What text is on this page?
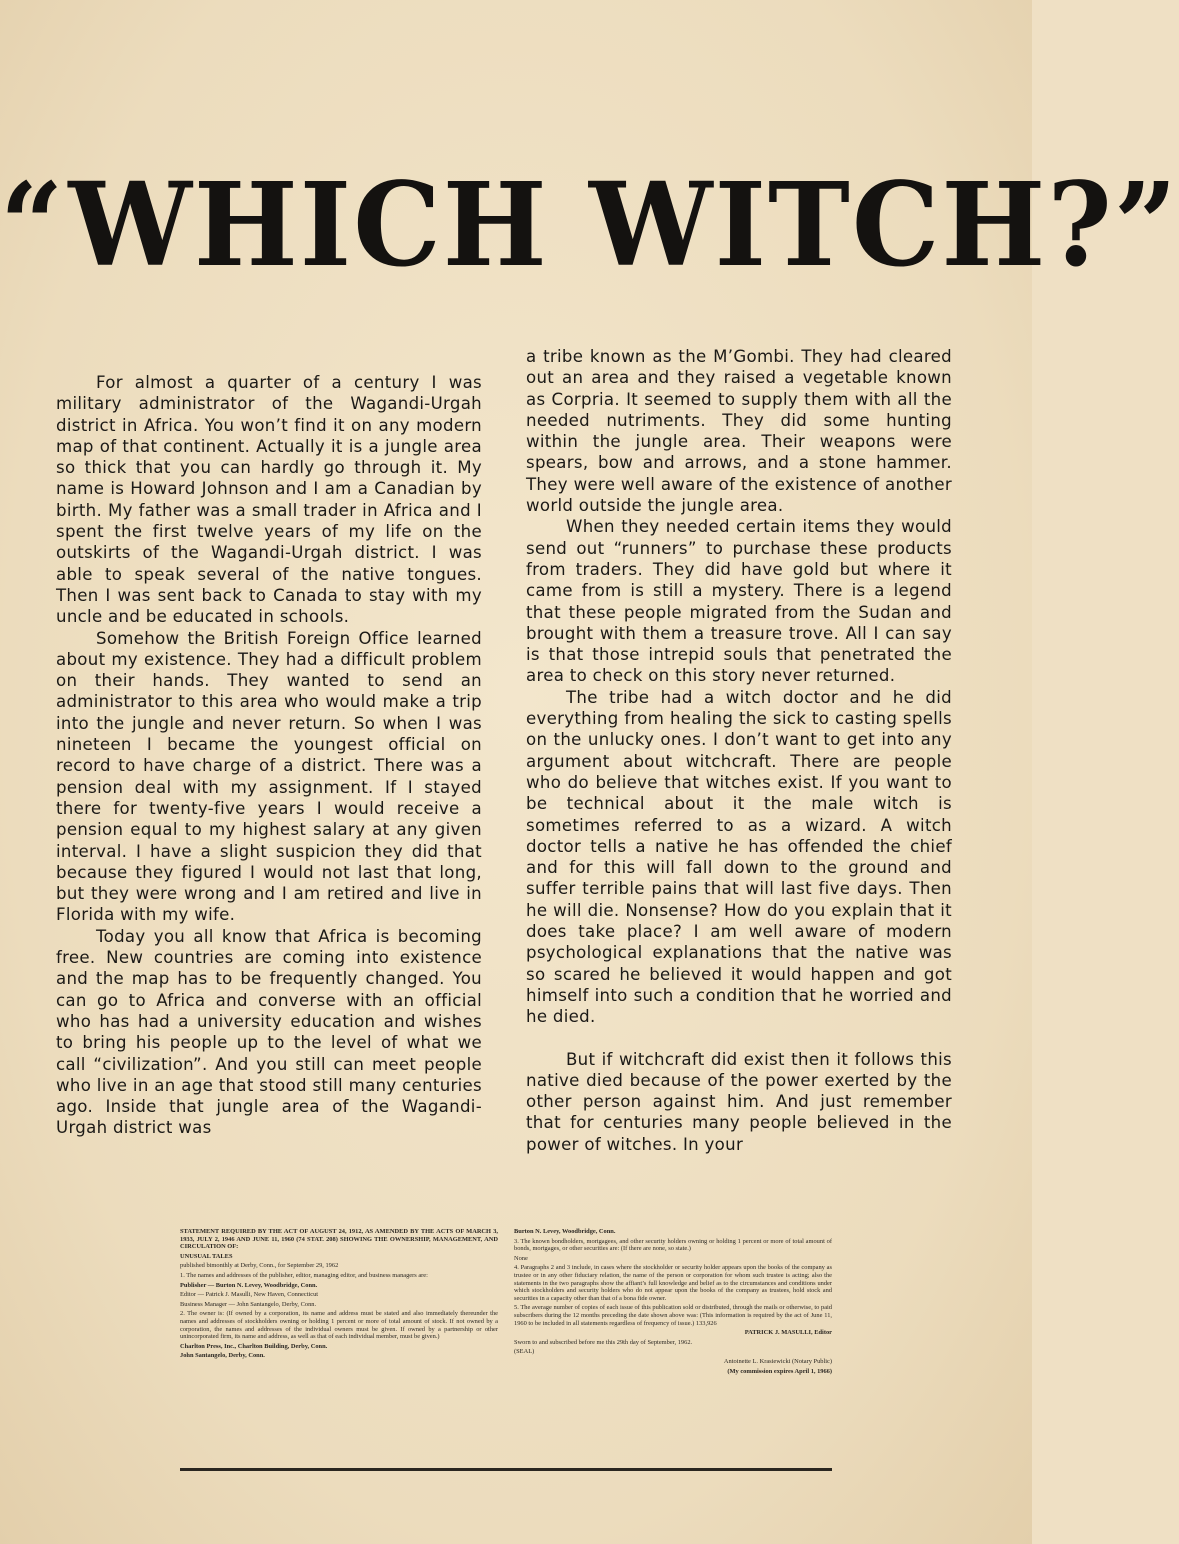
“WHICH WITCH?”

For almost a quarter of a century I was military administrator of the Wagandi-Urgah district in Africa. You won’t find it on any modern map of that continent. Actually it is a jungle area so thick that you can hardly go through it. My name is Howard Johnson and I am a Canadian by birth. My father was a small trader in Africa and I spent the first twelve years of my life on the outskirts of the Wagandi-Urgah district. I was able to speak several of the native tongues. Then I was sent back to Canada to stay with my uncle and be educated in schools.

Somehow the British Foreign Office learned about my existence. They had a difficult problem on their hands. They wanted to send an administrator to this area who would make a trip into the jungle and never return. So when I was nineteen I became the youngest official on record to have charge of a district. There was a pension deal with my assignment. If I stayed there for twenty-five years I would receive a pension equal to my highest salary at any given interval. I have a slight suspicion they did that because they figured I would not last that long, but they were wrong and I am retired and live in Florida with my wife.

Today you all know that Africa is becoming free. New countries are coming into existence and the map has to be frequently changed. You can go to Africa and converse with an official who has had a university education and wishes to bring his people up to the level of what we call “civilization”. And you still can meet people who live in an age that stood still many centuries ago. Inside that jungle area of the Wagandi-Urgah district was

a tribe known as the M’Gombi. They had cleared out an area and they raised a vegetable known as Corpria. It seemed to supply them with all the needed nutriments. They did some hunting within the jungle area. Their weapons were spears, bow and arrows, and a stone hammer. They were well aware of the existence of another world outside the jungle area.

When they needed certain items they would send out “runners” to purchase these products from traders. They did have gold but where it came from is still a mystery. There is a legend that these people migrated from the Sudan and brought with them a treasure trove. All I can say is that those intrepid souls that penetrated the area to check on this story never returned.

The tribe had a witch doctor and he did everything from healing the sick to casting spells on the unlucky ones. I don’t want to get into any argument about witchcraft. There are people who do believe that witches exist. If you want to be technical about it the male witch is sometimes referred to as a wizard. A witch doctor tells a native he has offended the chief and for this will fall down to the ground and suffer terrible pains that will last five days. Then he will die. Nonsense? How do you explain that it does take place? I am well aware of modern psychological explanations that the native was so scared he believed it would happen and got himself into such a condition that he worried and he died.

But if witchcraft did exist then it follows this native died because of the power exerted by the other person against him. And just remember that for centuries many people believed in the power of witches. In your

STATEMENT REQUIRED BY THE ACT OF AUGUST 24, 1912, AS AMENDED BY THE ACTS OF MARCH 3, 1933, JULY 2, 1946 AND JUNE 11, 1960 (74 STAT. 208) SHOWING THE OWNERSHIP, MANAGEMENT, AND CIRCULATION OF:

UNUSUAL TALES

published bimonthly at Derby, Conn., for September 29, 1962

1. The names and addresses of the publisher, editor, managing editor, and business managers are:

Publisher — Burton N. Levey, Woodbridge, Conn.

Editor — Patrick J. Masulli, New Haven, Connecticut

Business Manager — John Santangelo, Derby, Conn.

2. The owner is: (If owned by a corporation, its name and address must be stated and also immediately thereunder the names and addresses of stockholders owning or holding 1 percent or more of total amount of stock. If not owned by a corporation, the names and addresses of the individual owners must be given. If owned by a partnership or other unincorporated firm, its name and address, as well as that of each individual member, must be given.)

Charlton Press, Inc., Charlton Building, Derby, Conn.

John Santangelo, Derby, Conn.

Burton N. Levey, Woodbridge, Conn.

3. The known bondholders, mortgagees, and other security holders owning or holding 1 percent or more of total amount of bonds, mortgages, or other securities are: (If there are none, so state.)

None

4. Paragraphs 2 and 3 include, in cases where the stockholder or security holder appears upon the books of the company as trustee or in any other fiduciary relation, the name of the person or corporation for whom such trustee is acting; also the statements in the two paragraphs show the affiant’s full knowledge and belief as to the circumstances and conditions under which stockholders and security holders who do not appear upon the books of the company as trustees, hold stock and securities in a capacity other than that of a bona fide owner.

5. The average number of copies of each issue of this publication sold or distributed, through the mails or otherwise, to paid subscribers during the 12 months preceding the date shown above was: (This information is required by the act of June 11, 1960 to be included in all statements regardless of frequency of issue.) 133,926

PATRICK J. MASULLI, Editor

Sworn to and subscribed before me this 29th day of September, 1962.

(SEAL)

Antoinette L. Krasiewicki (Notary Public)

(My commission expires April 1, 1966)
